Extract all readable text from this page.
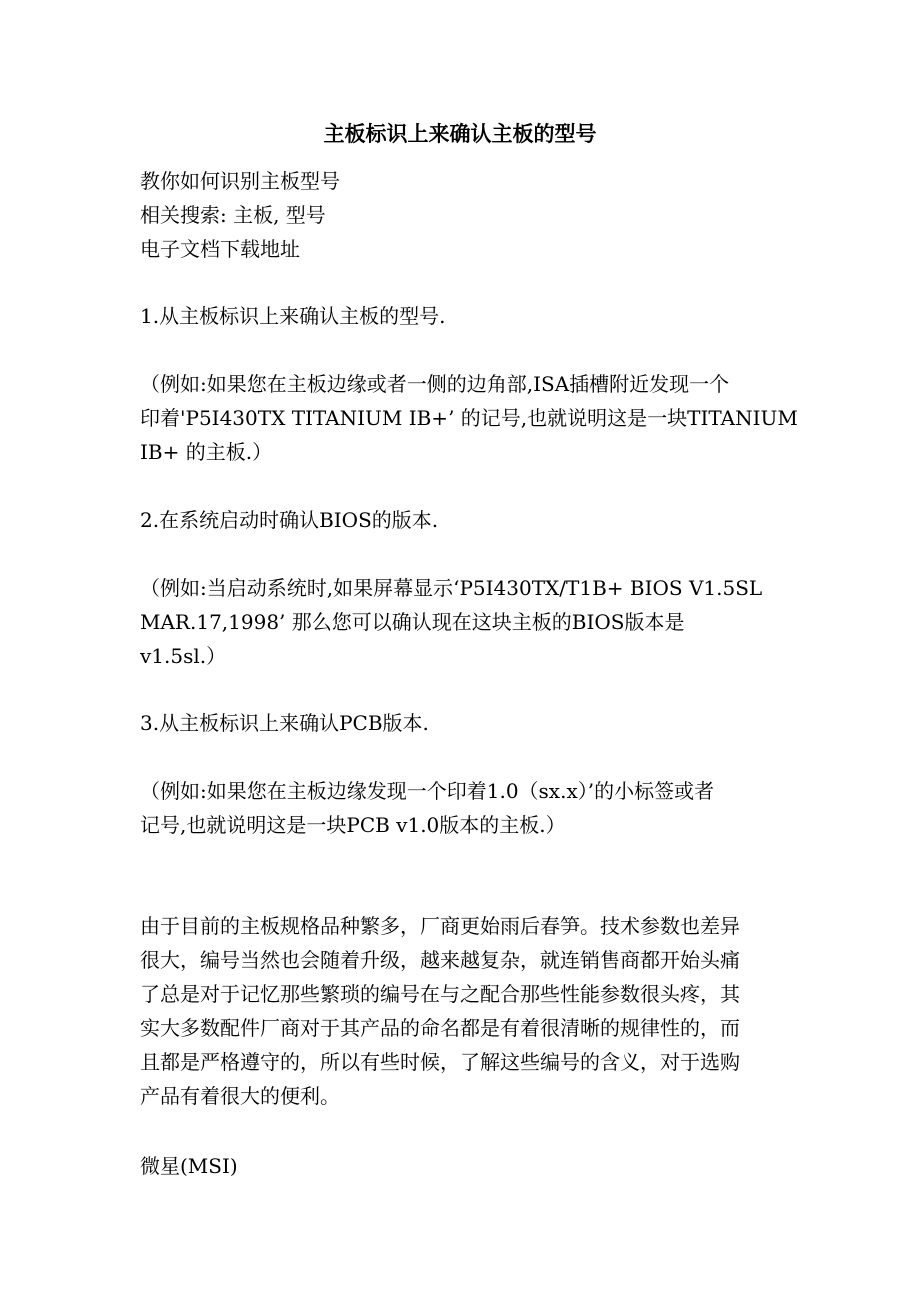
主板标识上来确认主板的型号
教你如何识别主板型号
相关搜索: 主板, 型号
电子文档下载地址
1.从主板标识上来确认主板的型号.
（例如:如果您在主板边缘或者一侧的边角部,ISA插槽附近发现一个
印着'P5I430TX TITANIUM IB+’ 的记号,也就说明这是一块TITANIUM
IB+ 的主板.）
2.在系统启动时确认BIOS的版本.
（例如:当启动系统时,如果屏幕显示‘P5I430TX/T1B+ BIOS V1.5SL
MAR.17,1998’ 那么您可以确认现在这块主板的BIOS版本是
v1.5sl.）
3.从主板标识上来确认PCB版本.
（例如:如果您在主板边缘发现一个印着1.0（sx.x）’的小标签或者
记号,也就说明这是一块PCB v1.0版本的主板.）
由于目前的主板规格品种繁多，厂商更始雨后春笋。技术参数也差异
很大，编号当然也会随着升级，越来越复杂，就连销售商都开始头痛
了总是对于记忆那些繁琐的编号在与之配合那些性能参数很头疼，其
实大多数配件厂商对于其产品的命名都是有着很清晰的规律性的，而
且都是严格遵守的，所以有些时候，了解这些编号的含义，对于选购
产品有着很大的便利。
微星(MSI)
